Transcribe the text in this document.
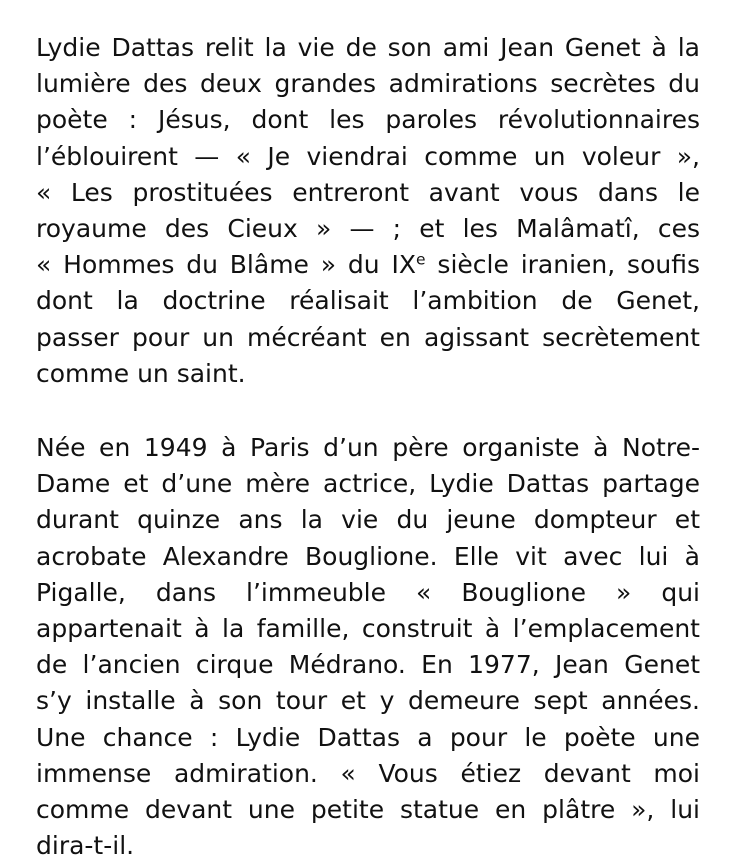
Lydie Dattas relit la vie de son ami Jean Genet à la
lumière des deux grandes admirations secrètes du
poète : Jésus, dont les paroles révolutionnaires
l’éblouirent — « Je viendrai comme un voleur »,
« Les prostituées entreront avant vous dans le
royaume des Cieux » — ; et les Malâmatî, ces
« Hommes du Blâme » du IXe siècle iranien, soufis
dont la doctrine réalisait l’ambition de Genet,
passer pour un mécréant en agissant secrètement
comme un saint.

Née en 1949 à Paris d’un père organiste à Notre-
Dame et d’une mère actrice, Lydie Dattas partage
durant quinze ans la vie du jeune dompteur et
acrobate Alexandre Bouglione. Elle vit avec lui à
Pigalle, dans l’immeuble « Bouglione » qui
appartenait à la famille, construit à l’emplacement
de l’ancien cirque Médrano. En 1977, Jean Genet
s’y installe à son tour et y demeure sept années.
Une chance : Lydie Dattas a pour le poète une
immense admiration. « Vous étiez devant moi
comme devant une petite statue en plâtre », lui
dira-t-il.
